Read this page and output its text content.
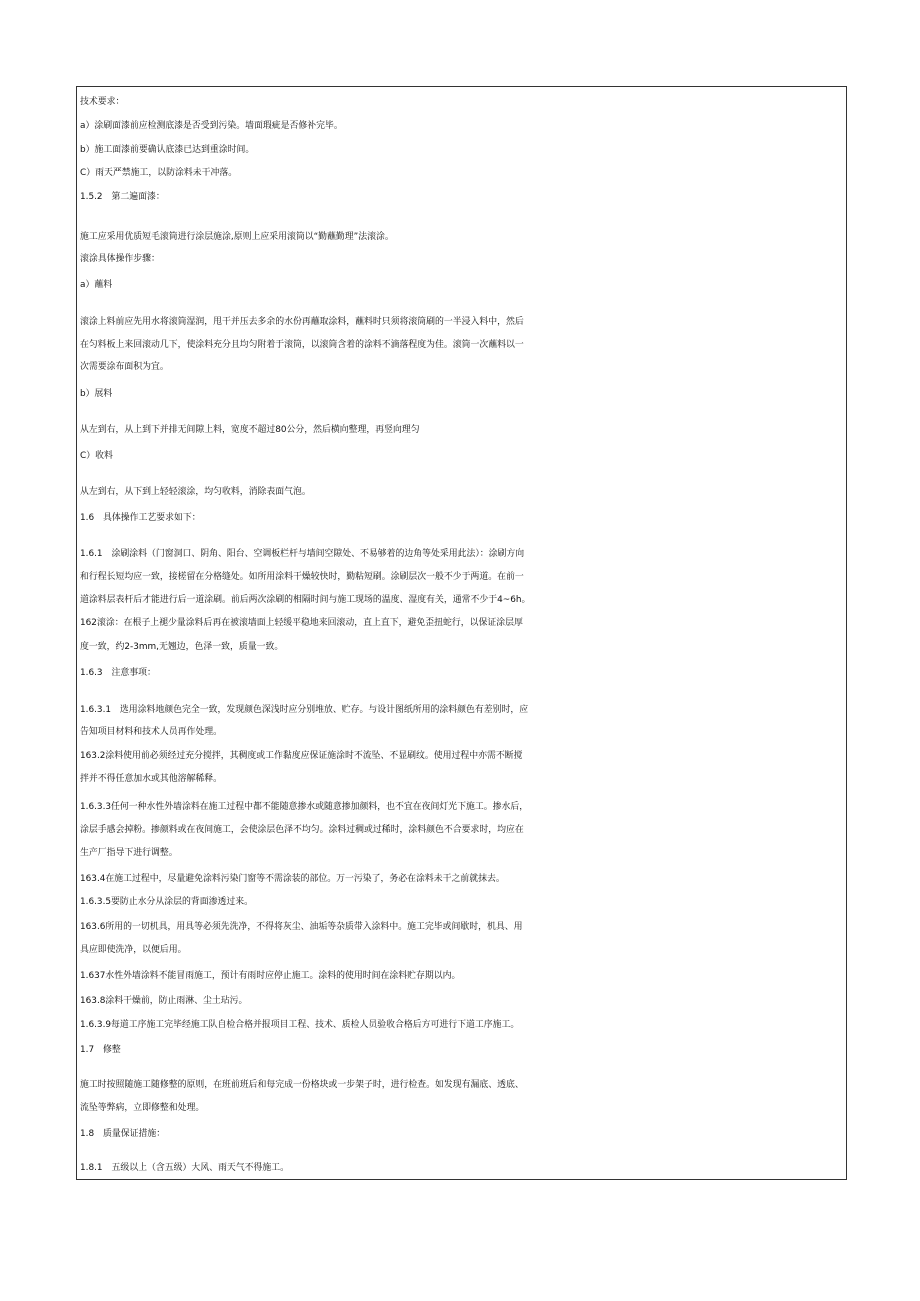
技术要求：
a）涂刷面漆前应检测底漆是否受到污染。墙面瑕疵是否修补完毕。
b）施工面漆前要确认底漆已达到重涂时间。
C）雨天严禁施工，以防涂料未干冲落。
1.5.2　第二遍面漆：
施工应采用优质短毛滚筒进行涂层施涂,原则上应采用滚筒以“勤蘸勤理”法滚涂。
滚涂具体操作步骤：
a）蘸料
滚涂上料前应先用水将滚筒湿润，甩干并压去多余的水份再蘸取涂料，蘸料时只须将滚筒刷的一半浸入料中，然后
在匀料板上来回滚动几下，使涂料充分且均匀附着于滚筒，以滚筒含着的涂料不滴落程度为佳。滚筒一次蘸料以一
次需要涂布面积为宜。
b）展料
从左到右，从上到下并排无间隙上料，宽度不超过80公分，然后横向整理，再竖向理匀
C）收料
从左到右，从下到上轻轻滚涂，均匀收料，消除表面气泡。
1.6　具体操作工艺要求如下：
1.6.1　涂刷涂料（门窗洞口、阴角、阳台、空调板栏杆与墙间空隙处、不易够着的边角等处采用此法）：涂刷方向
和行程长短均应一致，接槎留在分格缝处。如所用涂料干燥较快时，勤粘短刷。涂刷层次一般不少于两道。在前一
道涂料层表杆后才能进行后一道涂刷。前后两次涂刷的相隔时间与施工现场的温度、湿度有关，通常不少于4~6h。
162滚涂：在根子上褪少量涂料后再在被滚墙面上轻缓平稳地来回滚动，直上直下，避免歪扭蛇行，以保证涂层厚
度一致，约2-3mm,无翘边，色泽一致，质量一致。
1.6.3　注意事项：
1.6.3.1　选用涂料地颜色完全一致，发现颜色深浅时应分别堆放、贮存。与设计图纸所用的涂料颜色有差别时，应
告知项目材料和技术人员再作处理。
163.2涂料使用前必须经过充分搅拌，其稠度或工作黏度应保证施涂时不流坠、不显刷纹。使用过程中亦需不断搅
拌并不得任意加水或其他溶解稀释。
1.6.3.3任何一种水性外墙涂料在施工过程中都不能随意掺水或随意掺加颜料，也不宜在夜间灯光下施工。掺水后，
涂层手感会掉粉。掺颜料或在夜间施工，会使涂层色泽不均匀。涂料过稠或过稀时，涂料颜色不合要求时，均应在
生产厂指导下进行调整。
163.4在施工过程中，尽量避免涂料污染门窗等不需涂装的部位。万一污染了，务必在涂料未干之前就抹去。
1.6.3.5要防止水分从涂层的背面渗透过来。
163.6所用的一切机具，用具等必须先洗净，不得将灰尘、油垢等杂质带入涂料中。施工完毕或间歇时，机具、用
具应即使洗净，以便后用。
1.637水性外墙涂料不能冒雨施工，预计有雨时应停止施工。涂料的使用时间在涂料贮存期以内。
163.8涂料干燥前，防止雨淋、尘土玷污。
1.6.3.9每道工序施工完毕经施工队自检合格并报项目工程、技术、质检人员验收合格后方可进行下道工序施工。
1.7　修整
施工时按照随施工随修整的原则，在班前班后和每完成一份格块或一步架子时，进行检查。如发现有漏底、透底、
流坠等弊病，立即修整和处理。
1.8　质量保证措施：
1.8.1　五级以上（含五级）大风、雨天气不得施工。
